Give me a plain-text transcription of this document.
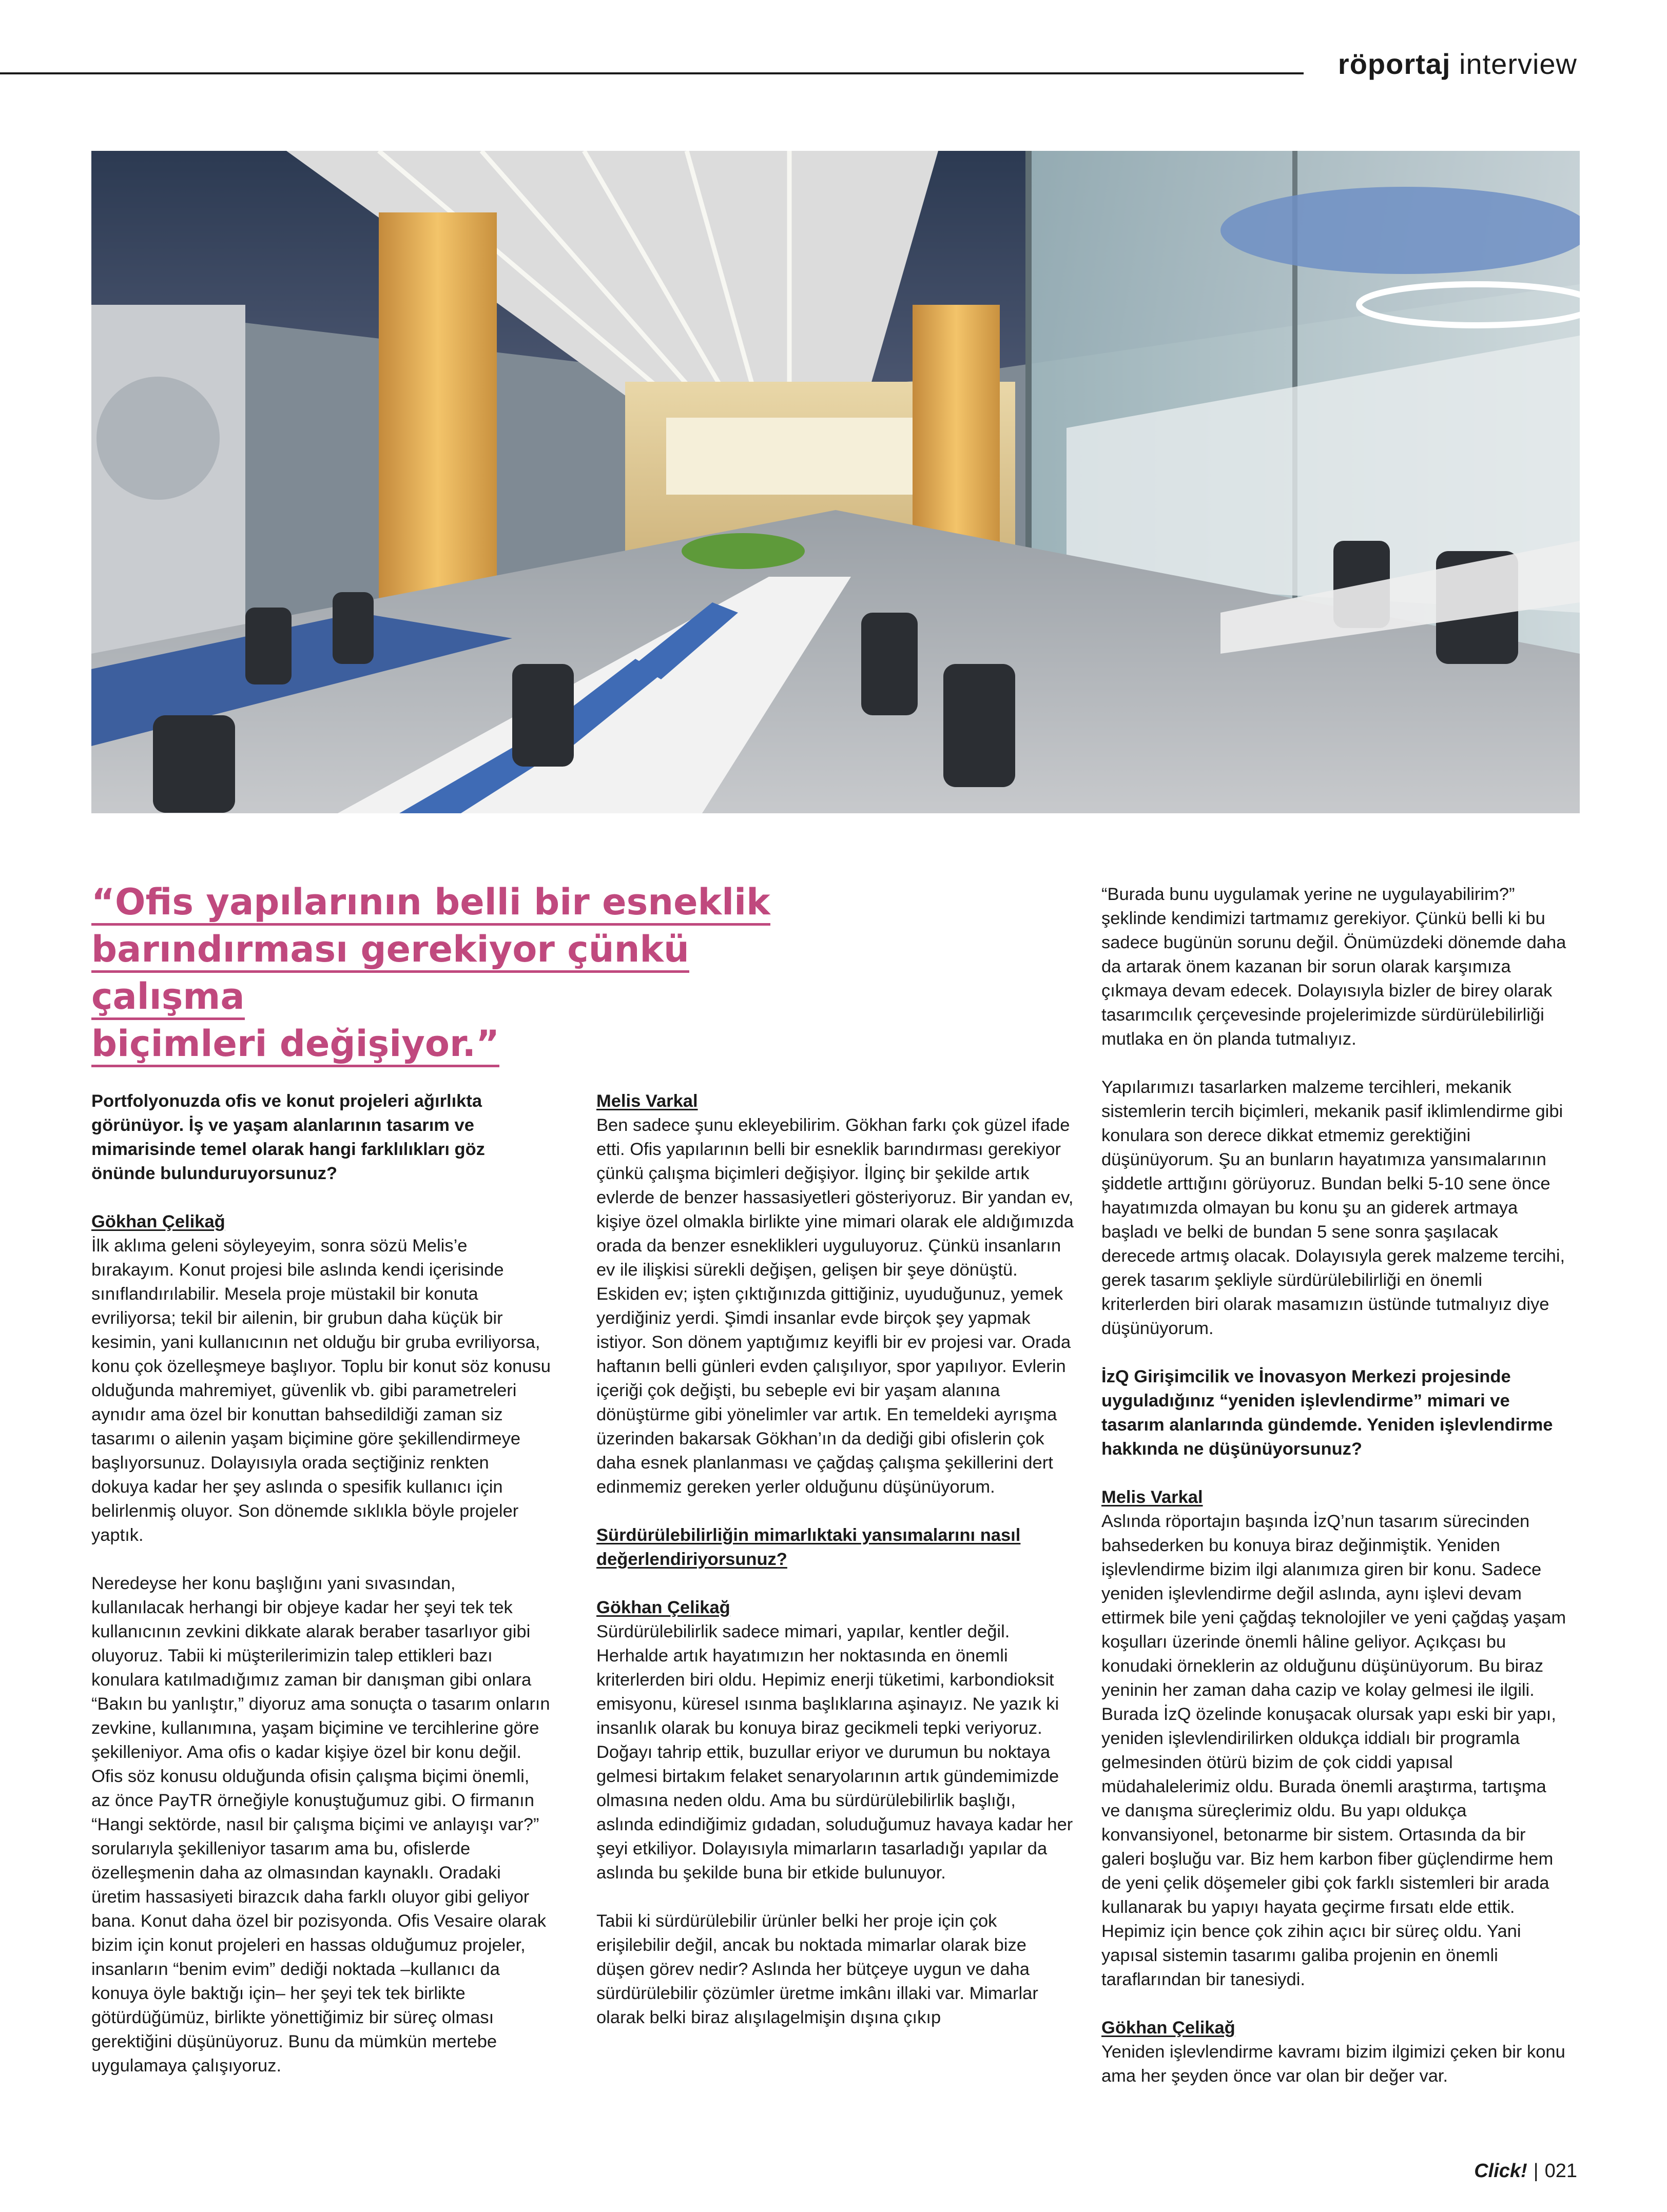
röportaj interview
“Ofis yapılarının belli bir esneklik
barındırması gerekiyor çünkü çalışma
biçimleri değişiyor.”

Portfolyonuzda ofis ve konut projeleri ağırlıkta görünüyor. İş ve yaşam alanlarının tasarım ve mimarisinde temel olarak hangi farklılıkları göz önünde bulunduruyorsunuz?

Gökhan Çelikağ
İlk aklıma geleni söyleyeyim, sonra sözü Melis’e bırakayım. Konut projesi bile aslında kendi içerisinde sınıflandırılabilir. Mesela proje müstakil bir konuta evriliyorsa; tekil bir ailenin, bir grubun daha küçük bir kesimin, yani kullanıcının net olduğu bir gruba evriliyorsa, konu çok özelleşmeye başlıyor. Toplu bir konut söz konusu olduğunda mahremiyet, güvenlik vb. gibi parametreleri aynıdır ama özel bir konuttan bahsedildiği zaman siz tasarımı o ailenin yaşam biçimine göre şekillendirmeye başlıyorsunuz. Dolayısıyla orada seçtiğiniz renkten dokuya kadar her şey aslında o spesifik kullanıcı için belirlenmiş oluyor. Son dönemde sıklıkla böyle projeler yaptık.

Neredeyse her konu başlığını yani sıvasından, kullanılacak herhangi bir objeye kadar her şeyi tek tek kullanıcının zevkini dikkate alarak beraber tasarlıyor gibi oluyoruz. Tabii ki müşterilerimizin talep ettikleri bazı konulara katılmadığımız zaman bir danışman gibi onlara “Bakın bu yanlıştır,” diyoruz ama sonuçta o tasarım onların zevkine, kullanımına, yaşam biçimine ve tercihlerine göre şekilleniyor. Ama ofis o kadar kişiye özel bir konu değil. Ofis söz konusu olduğunda ofisin çalışma biçimi önemli, az önce PayTR örneğiyle konuştuğumuz gibi. O firmanın “Hangi sektörde, nasıl bir çalışma biçimi ve anlayışı var?” sorularıyla şekilleniyor tasarım ama bu, ofislerde özelleşmenin daha az olmasından kaynaklı. Oradaki üretim hassasiyeti birazcık daha farklı oluyor gibi geliyor bana. Konut daha özel bir pozisyonda. Ofis Vesaire olarak bizim için konut projeleri en hassas olduğumuz projeler, insanların “benim evim” dediği noktada –kullanıcı da konuya öyle baktığı için– her şeyi tek tek birlikte götürdüğümüz, birlikte yönettiğimiz bir süreç olması gerektiğini düşünüyoruz. Bunu da mümkün mertebe uygulamaya çalışıyoruz.

Melis Varkal
Ben sadece şunu ekleyebilirim. Gökhan farkı çok güzel ifade etti. Ofis yapılarının belli bir esneklik barındırması gerekiyor çünkü çalışma biçimleri değişiyor. İlginç bir şekilde artık evlerde de benzer hassasiyetleri gösteriyoruz. Bir yandan ev, kişiye özel olmakla birlikte yine mimari olarak ele aldığımızda orada da benzer esneklikleri uyguluyoruz. Çünkü insanların ev ile ilişkisi sürekli değişen, gelişen bir şeye dönüştü. Eskiden ev; işten çıktığınızda gittiğiniz, uyuduğunuz, yemek yerdiğiniz yerdi. Şimdi insanlar evde birçok şey yapmak istiyor. Son dönem yaptığımız keyifli bir ev projesi var. Orada haftanın belli günleri evden çalışılıyor, spor yapılıyor. Evlerin içeriği çok değişti, bu sebeple evi bir yaşam alanına dönüştürme gibi yönelimler var artık. En temeldeki ayrışma üzerinden bakarsak Gökhan’ın da dediği gibi ofislerin çok daha esnek planlanması ve çağdaş çalışma şekillerini dert edinmemiz gereken yerler olduğunu düşünüyorum.

Sürdürülebilirliğin mimarlıktaki yansımalarını nasıl değerlendiriyorsunuz?

Gökhan Çelikağ
Sürdürülebilirlik sadece mimari, yapılar, kentler değil. Herhalde artık hayatımızın her noktasında en önemli kriterlerden biri oldu. Hepimiz enerji tüketimi, karbondioksit emisyonu, küresel ısınma başlıklarına aşinayız. Ne yazık ki insanlık olarak bu konuya biraz gecikmeli tepki veriyoruz. Doğayı tahrip ettik, buzullar eriyor ve durumun bu noktaya gelmesi birtakım felaket senaryolarının artık gündemimizde olmasına neden oldu. Ama bu sürdürülebilirlik başlığı, aslında edindiğimiz gıdadan, soluduğumuz havaya kadar her şeyi etkiliyor. Dolayısıyla mimarların tasarladığı yapılar da aslında bu şekilde buna bir etkide bulunuyor.

Tabii ki sürdürülebilir ürünler belki her proje için çok erişilebilir değil, ancak bu noktada mimarlar olarak bize düşen görev nedir? Aslında her bütçeye uygun ve daha sürdürülebilir çözümler üretme imkânı illaki var. Mimarlar olarak belki biraz alışılagelmişin dışına çıkıp

“Burada bunu uygulamak yerine ne uygulayabilirim?” şeklinde kendimizi tartmamız gerekiyor. Çünkü belli ki bu sadece bugünün sorunu değil. Önümüzdeki dönemde daha da artarak önem kazanan bir sorun olarak karşımıza çıkmaya devam edecek. Dolayısıyla bizler de birey olarak tasarımcılık çerçevesinde projelerimizde sürdürülebilirliği mutlaka en ön planda tutmalıyız.

Yapılarımızı tasarlarken malzeme tercihleri, mekanik sistemlerin tercih biçimleri, mekanik pasif iklimlendirme gibi konulara son derece dikkat etmemiz gerektiğini düşünüyorum. Şu an bunların hayatımıza yansımalarının şiddetle arttığını görüyoruz. Bundan belki 5-10 sene önce hayatımızda olmayan bu konu şu an giderek artmaya başladı ve belki de bundan 5 sene sonra şaşılacak derecede artmış olacak. Dolayısıyla gerek malzeme tercihi, gerek tasarım şekliyle sürdürülebilirliği en önemli kriterlerden biri olarak masamızın üstünde tutmalıyız diye düşünüyorum.

İzQ Girişimcilik ve İnovasyon Merkezi projesinde uyguladığınız “yeniden işlevlendirme” mimari ve tasarım alanlarında gündemde. Yeniden işlevlendirme hakkında ne düşünüyorsunuz?

Melis Varkal
Aslında röportajın başında İzQ’nun tasarım sürecinden bahsederken bu konuya biraz değinmiştik. Yeniden işlevlendirme bizim ilgi alanımıza giren bir konu. Sadece yeniden işlevlendirme değil aslında, aynı işlevi devam ettirmek bile yeni çağdaş teknolojiler ve yeni çağdaş yaşam koşulları üzerinde önemli hâline geliyor. Açıkçası bu konudaki örneklerin az olduğunu düşünüyorum. Bu biraz yeninin her zaman daha cazip ve kolay gelmesi ile ilgili. Burada İzQ özelinde konuşacak olursak yapı eski bir yapı, yeniden işlevlendirilirken oldukça iddialı bir programla gelmesinden ötürü bizim de çok ciddi yapısal müdahalelerimiz oldu. Burada önemli araştırma, tartışma ve danışma süreçlerimiz oldu. Bu yapı oldukça konvansiyonel, betonarme bir sistem. Ortasında da bir galeri boşluğu var. Biz hem karbon fiber güçlendirme hem de yeni çelik döşemeler gibi çok farklı sistemleri bir arada kullanarak bu yapıyı hayata geçirme fırsatı elde ettik. Hepimiz için bence çok zihin açıcı bir süreç oldu. Yani yapısal sistemin tasarımı galiba projenin en önemli taraflarından bir tanesiydi.

Gökhan Çelikağ
Yeniden işlevlendirme kavramı bizim ilgimizi çeken bir konu ama her şeyden önce var olan bir değer var.

Click! | 021
